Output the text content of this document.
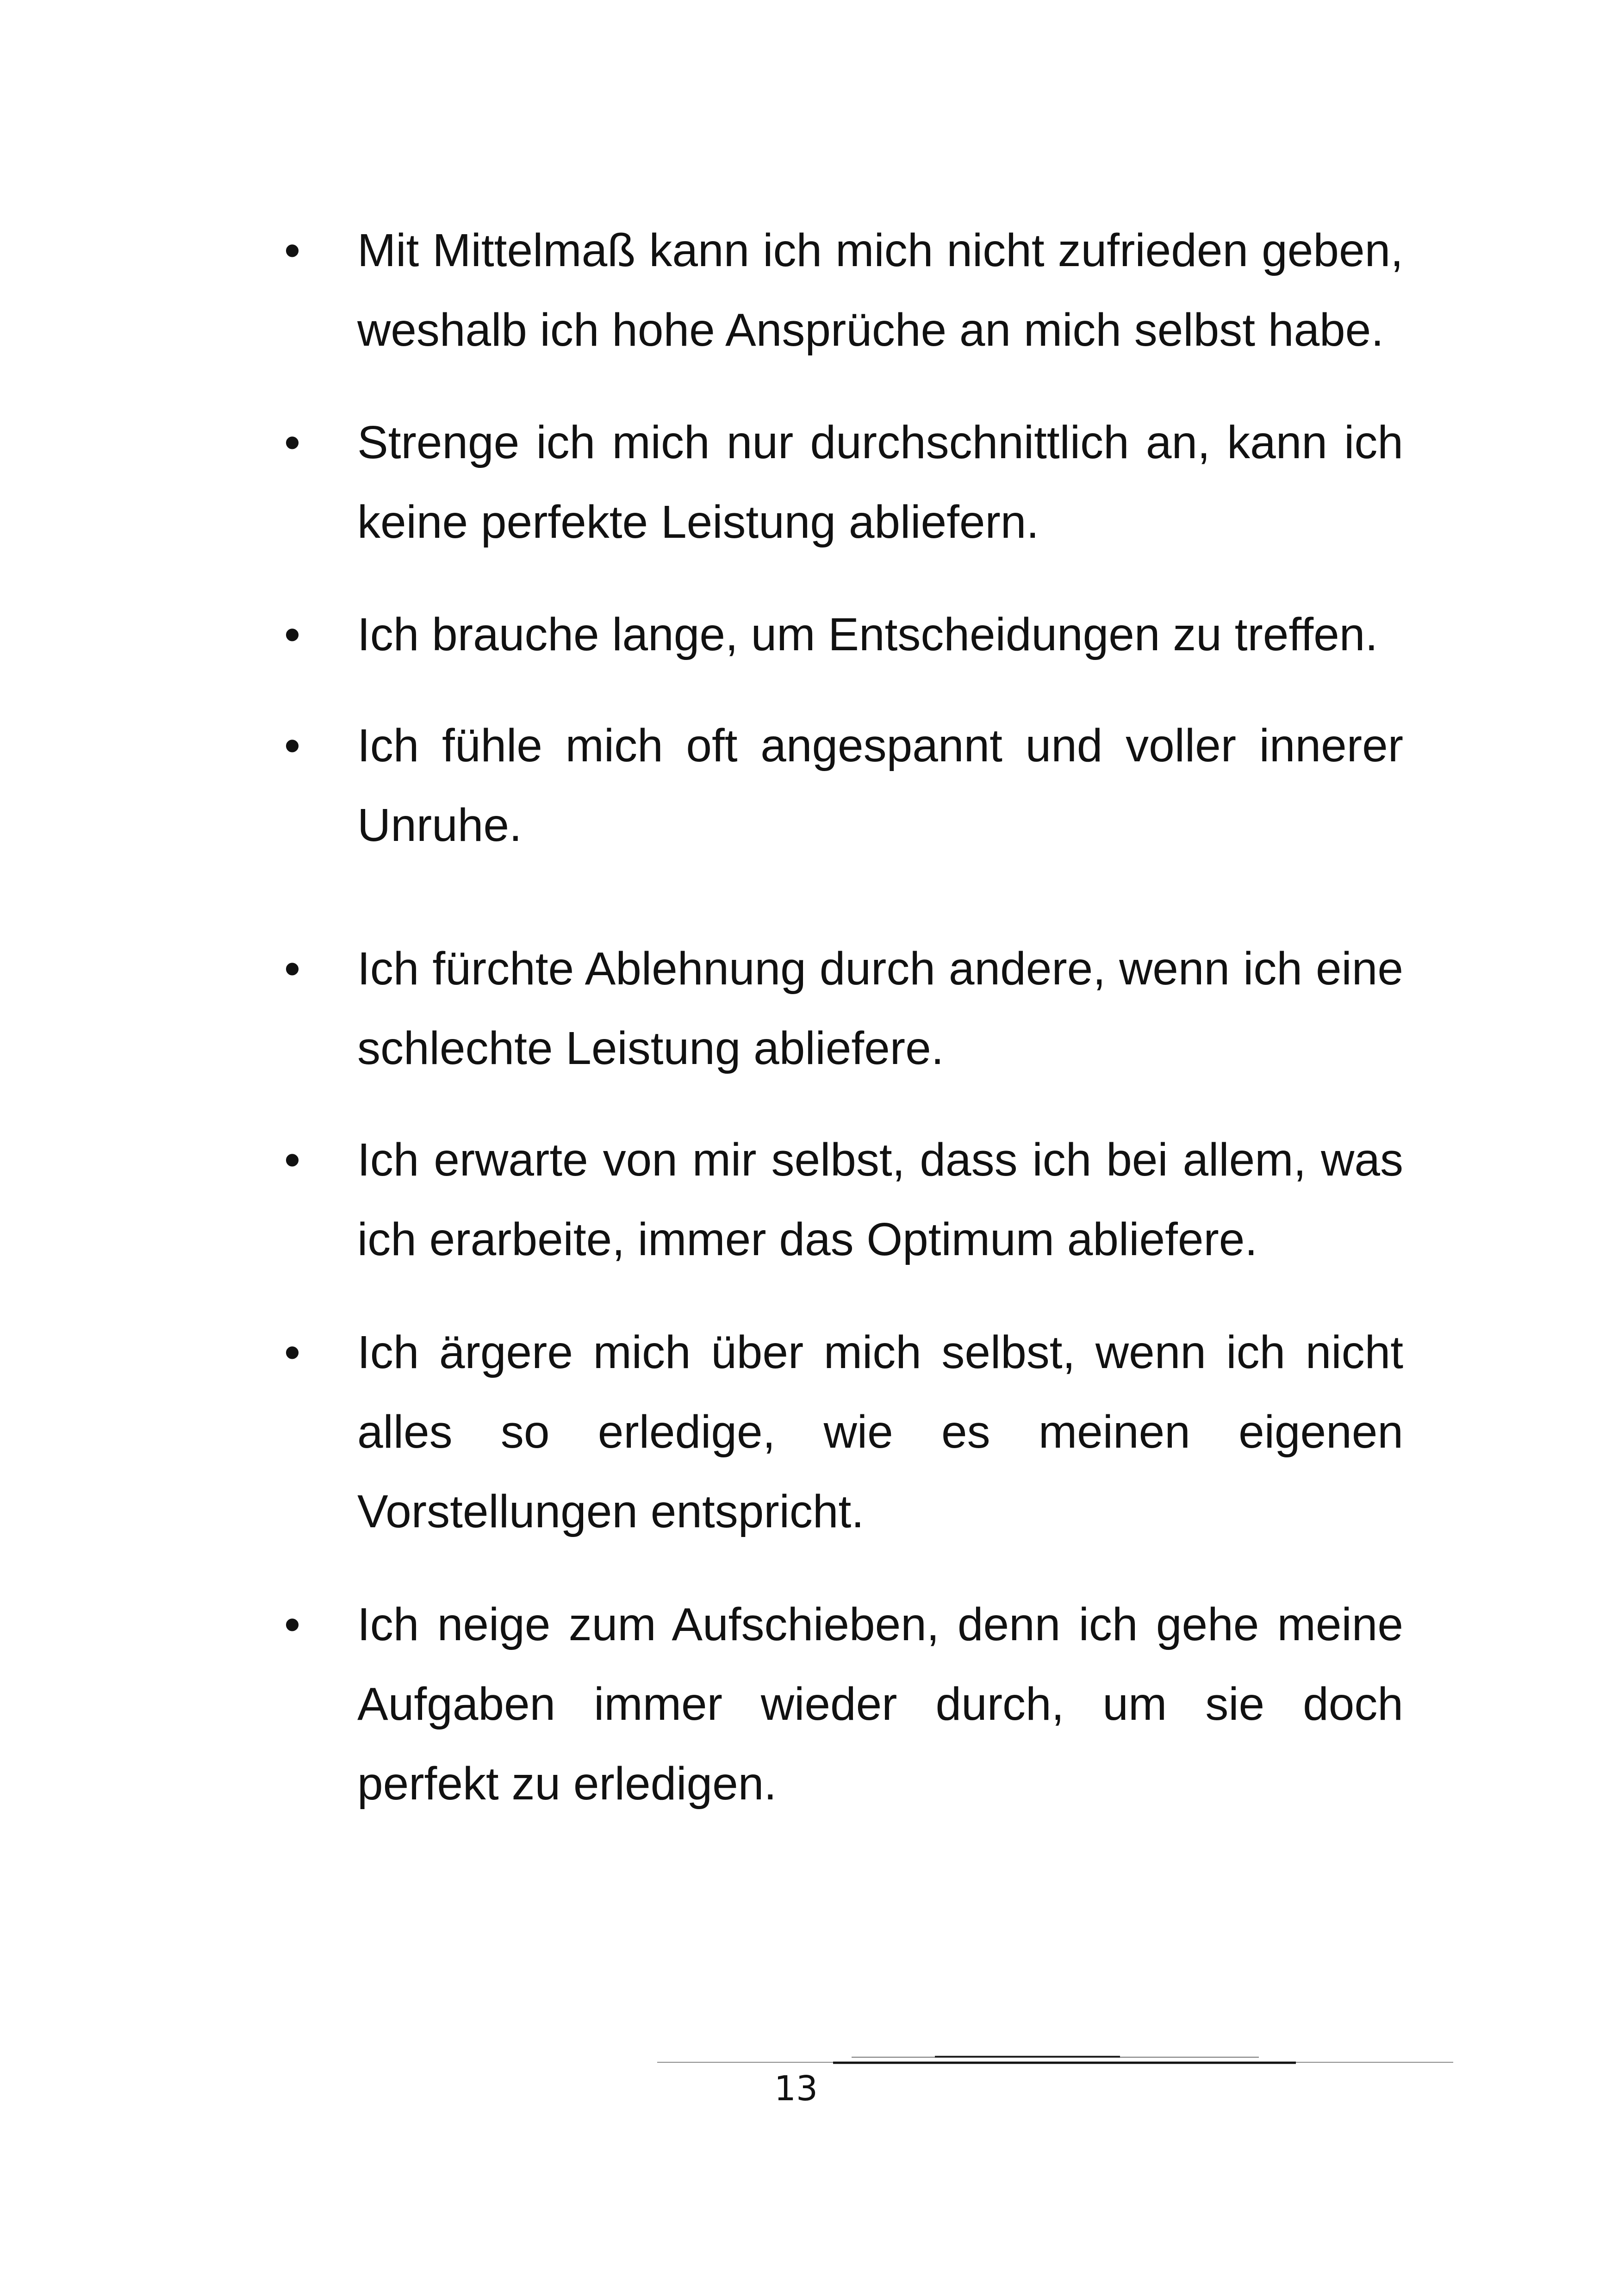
• Mit Mittelmaß kann ich mich nicht zufrieden geben, weshalb ich hohe Ansprüche an mich selbst habe.
• Strenge ich mich nur durchschnittlich an, kann ich keine perfekte Leistung abliefern.
• Ich brauche lange, um Entscheidungen zu treffen.
• Ich fühle mich oft angespannt und voller innerer Unruhe.
• Ich fürchte Ablehnung durch andere, wenn ich eine schlechte Leistung abliefere.
• Ich erwarte von mir selbst, dass ich bei allem, was ich erarbeite, immer das Optimum abliefere.
• Ich ärgere mich über mich selbst, wenn ich nicht alles so erledige, wie es meinen eigenen Vorstellungen entspricht.
• Ich neige zum Aufschieben, denn ich gehe meine Aufgaben immer wieder durch, um sie doch perfekt zu erledigen.
13
